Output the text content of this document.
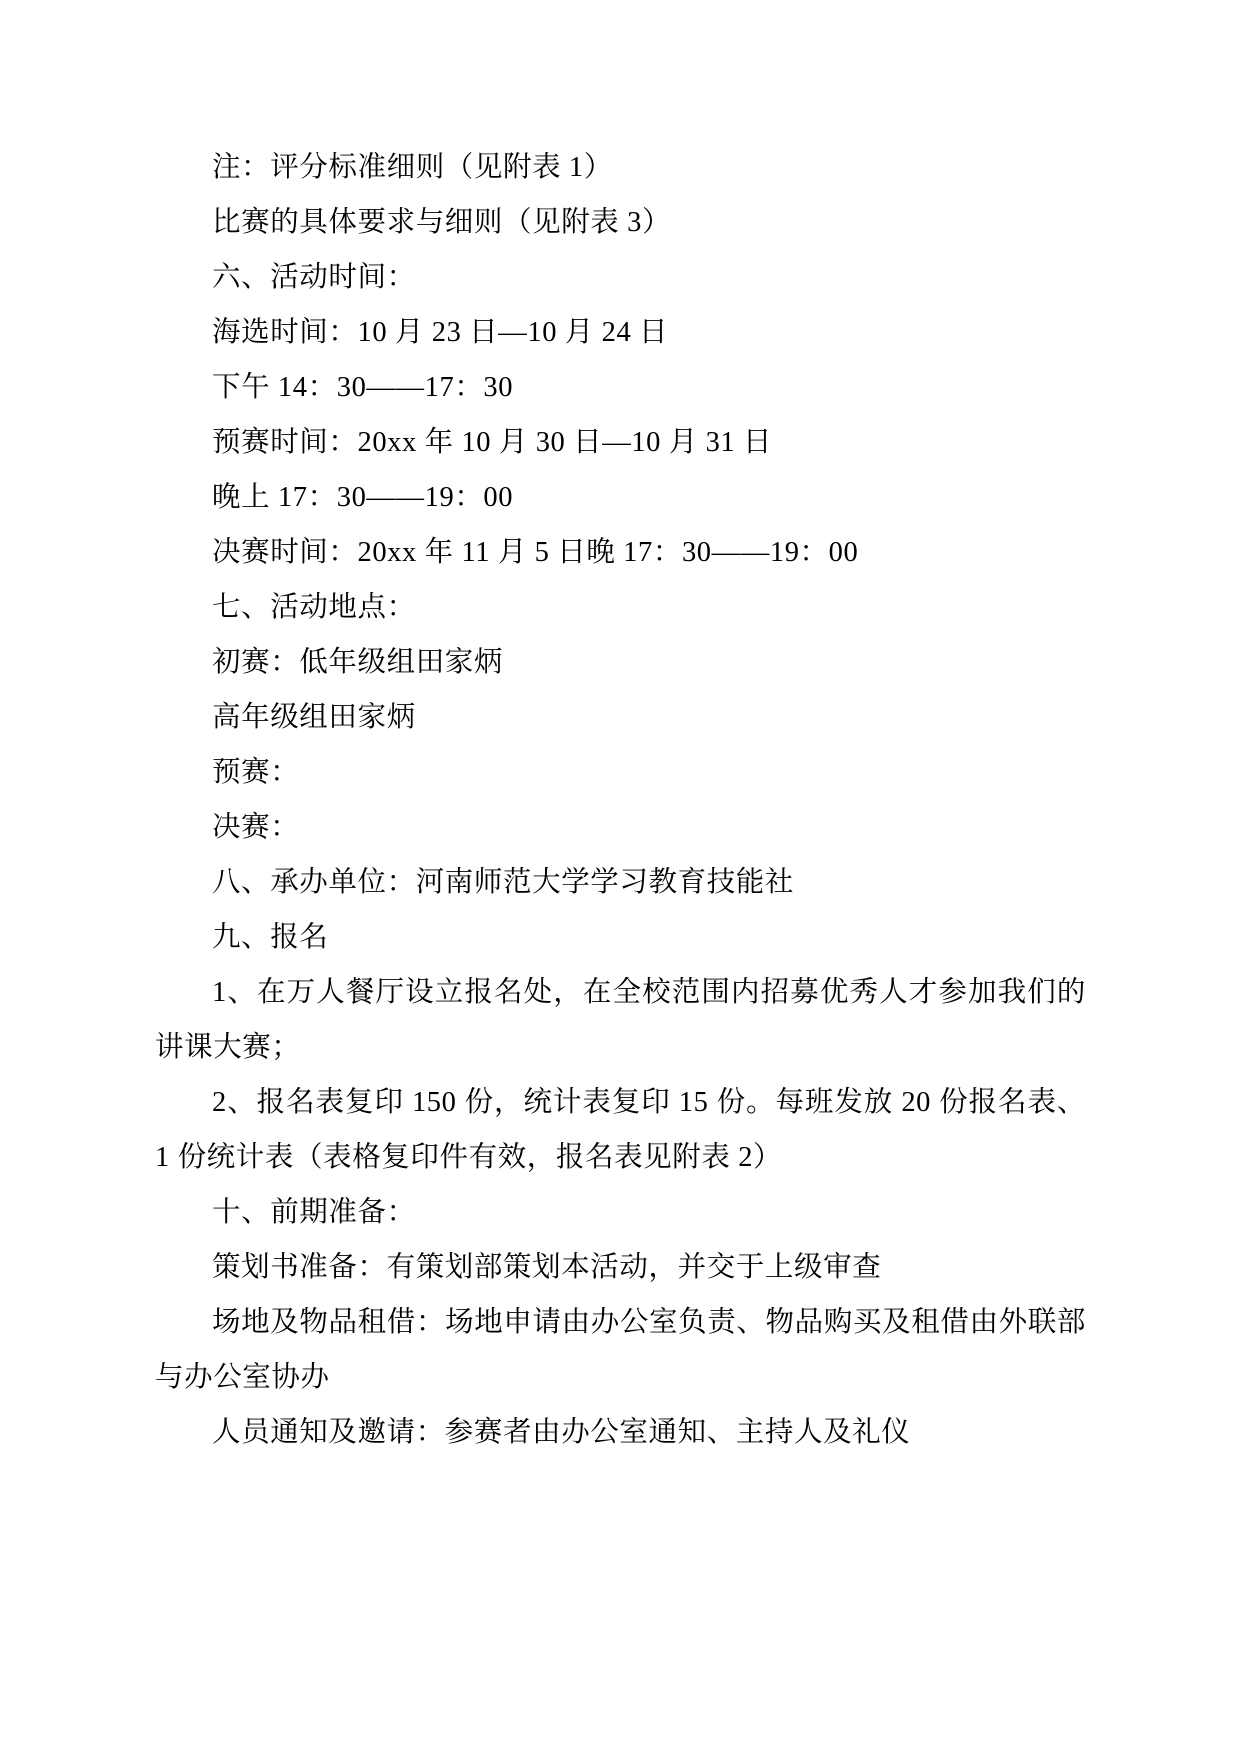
注：评分标准细则（见附表 1）

比赛的具体要求与细则（见附表 3）

六、活动时间：

海选时间：10 月 23 日—10 月 24 日

下午 14：30——17：30

预赛时间：20xx 年 10 月 30 日—10 月 31 日

晚上 17：30——19：00

决赛时间：20xx 年 11 月 5 日晚 17：30——19：00

七、活动地点：

初赛：低年级组田家炳

高年级组田家炳

预赛：

决赛：

八、承办单位：河南师范大学学习教育技能社

九、报名

1、在万人餐厅设立报名处，在全校范围内招募优秀人才参加我们的讲课大赛；

2、报名表复印 150 份，统计表复印 15 份。每班发放 20 份报名表、1 份统计表（表格复印件有效，报名表见附表 2）

十、前期准备：

策划书准备：有策划部策划本活动，并交于上级审查

场地及物品租借：场地申请由办公室负责、物品购买及租借由外联部与办公室协办

人员通知及邀请：参赛者由办公室通知、主持人及礼仪
